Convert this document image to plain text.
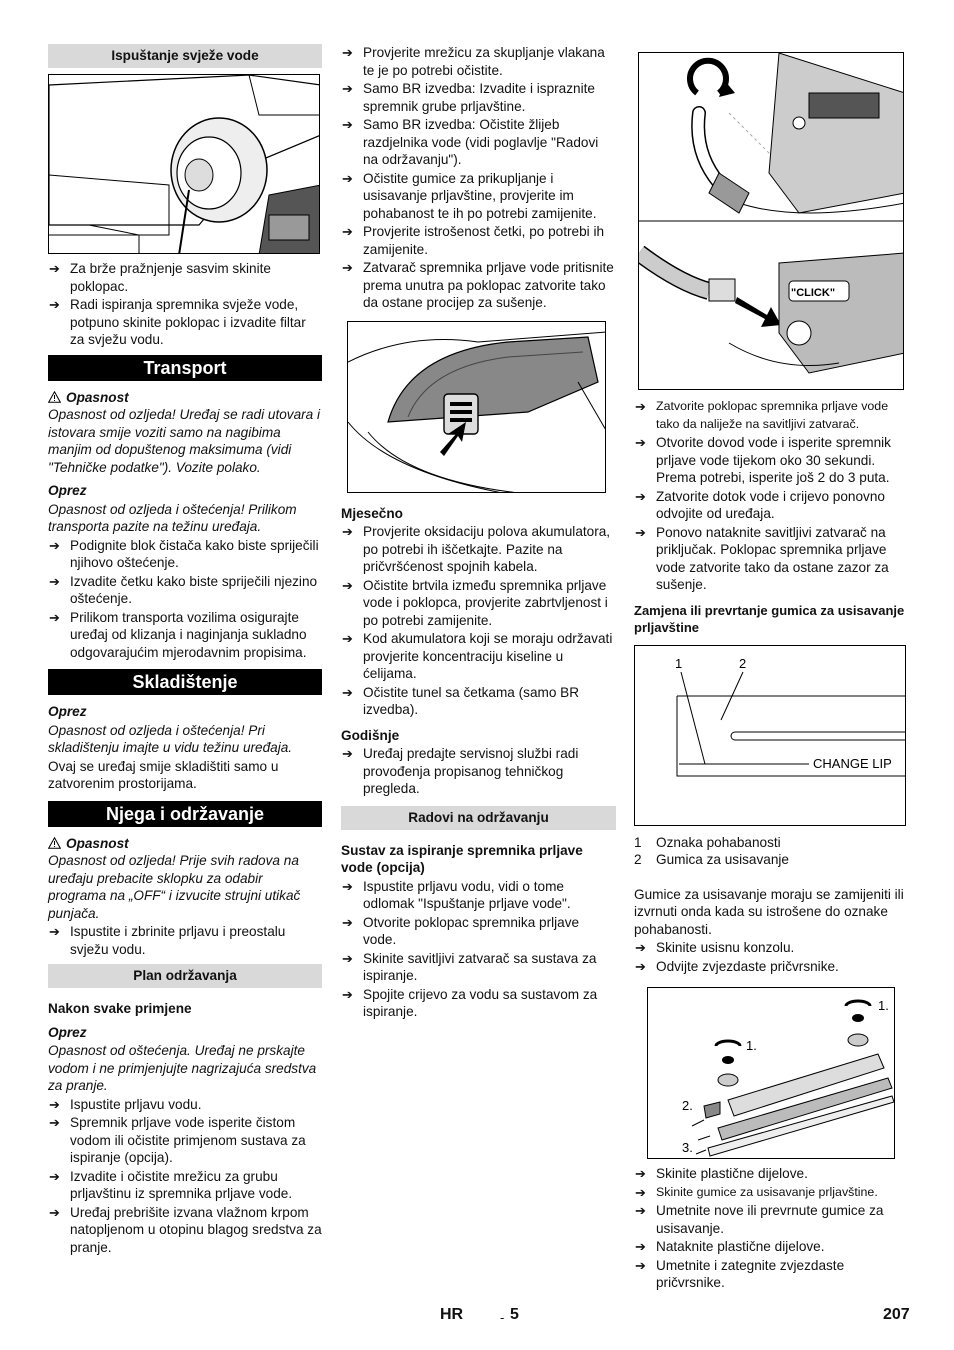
Ispuštanje svježe vode
➔ Za brže pražnjenje sasvim skinite poklopac.
➔ Radi ispiranja spremnika svježe vode, potpuno skinite poklopac i izvadite filtar za svježu vodu.
Transport
Opasnost

Opasnost od ozljeda! Uređaj se radi utovara i istovara smije voziti samo na nagibima manjim od dopuštenog maksimuma (vidi "Tehničke podatke"). Vozite polako.

Oprez

Opasnost od ozljeda i oštećenja! Prilikom transporta pazite na težinu uređaja.

➔ Podignite blok čistača kako biste spriječili njihovo oštećenje.
➔ Izvadite četku kako biste spriječili njezino oštećenje.
➔ Prilikom transporta vozilima osigurajte uređaj od klizanja i naginjanja sukladno odgovarajućim mjerodavnim propisima.
Skladištenje

Oprez

Opasnost od ozljeda i oštećenja! Pri skladištenju imajte u vidu težinu uređaja.

Ovaj se uređaj smije skladištiti samo u zatvorenim prostorijama.

Njega i održavanje
Opasnost

Opasnost od ozljeda! Prije svih radova na uređaju prebacite sklopku za odabir programa na „OFF“ i izvucite strujni utikač punjača.

➔ Ispustite i zbrinite prljavu i preostalu svježu vodu.
Plan održavanja

Nakon svake primjene

Oprez

Opasnost od oštećenja. Uređaj ne prskajte vodom i ne primjenjujte nagrizajuća sredstva za pranje.

➔ Ispustite prljavu vodu.
➔ Spremnik prljave vode isperite čistom vodom ili očistite primjenom sustava za ispiranje (opcija).
➔ Izvadite i očistite mrežicu za grubu prljavštinu iz spremnika prljave vode.
➔ Uređaj prebrišite izvana vlažnom krpom natopljenom u otopinu blagog sredstva za pranje.
➔ Provjerite mrežicu za skupljanje vlakana te je po potrebi očistite.
➔ Samo BR izvedba: Izvadite i ispraznite spremnik grube prljavštine.
➔ Samo BR izvedba: Očistite žlijeb razdjelnika vode (vidi poglavlje "Radovi na održavanju").
➔ Očistite gumice za prikupljanje i usisavanje prljavštine, provjerite im pohabanost te ih po potrebi zamijenite.
➔ Provjerite istrošenost četki, po potrebi ih zamijenite.
➔ Zatvarač spremnika prljave vode pritisnite prema unutra pa poklopac zatvorite tako da ostane procijep za sušenje.

Mjesečno

➔ Provjerite oksidaciju polova akumulatora, po potrebi ih iščetkajte. Pazite na pričvršćenost spojnih kabela.
➔ Očistite brtvila između spremnika prljave vode i poklopca, provjerite zabrtvljenost i po potrebi zamijenite.
➔ Kod akumulatora koji se moraju održavati provjerite koncentraciju kiseline u ćelijama.
➔ Očistite tunel sa četkama (samo BR izvedba).

Godišnje

➔ Uređaj predajte servisnoj službi radi provođenja propisanog tehničkog pregleda.
Radovi na održavanju

Sustav za ispiranje spremnika prljave vode (opcija)

➔ Ispustite prljavu vodu, vidi o tome odlomak "Ispuštanje prljave vode".
➔ Otvorite poklopac spremnika prljave vode.
➔ Skinite savitljivi zatvarač sa sustava za ispiranje.
➔ Spojite crijevo za vodu sa sustavom za ispiranje.
"CLICK"
➔ Zatvorite poklopac spremnika prljave vode tako da naliježe na savitljivi zatvarač.
➔ Otvorite dovod vode i isperite spremnik prljave vode tijekom oko 30 sekundi. Prema potrebi, isperite još 2 do 3 puta.
➔ Zatvorite dotok vode i crijevo ponovno odvojite od uređaja.
➔ Ponovo nataknite savitljivi zatvarač na priključak. Poklopac spremnika prljave vode zatvorite tako da ostane zazor za sušenje.

Zamjena ili prevrtanje gumica za usisavanje prljavštine

1	2
CHANGE LIP
1	Oznaka pohabanosti
2	Gumica za usisavanje

Gumice za usisavanje moraju se zamijeniti ili izvrnuti onda kada su istrošene do oznake pohabanosti.

➔ Skinite usisnu konzolu.
➔ Odvijte zvjezdaste pričvrsnike.
1.
1.
2.
3.
➔ Skinite plastične dijelove.
➔ Skinite gumice za usisavanje prljavštine.
➔ Umetnite nove ili prevrnute gumice za usisavanje.
➔ Nataknite plastične dijelove.
➔ Umetnite i zategnite zvjezdaste pričvrsnike.
HR	- 5	207
